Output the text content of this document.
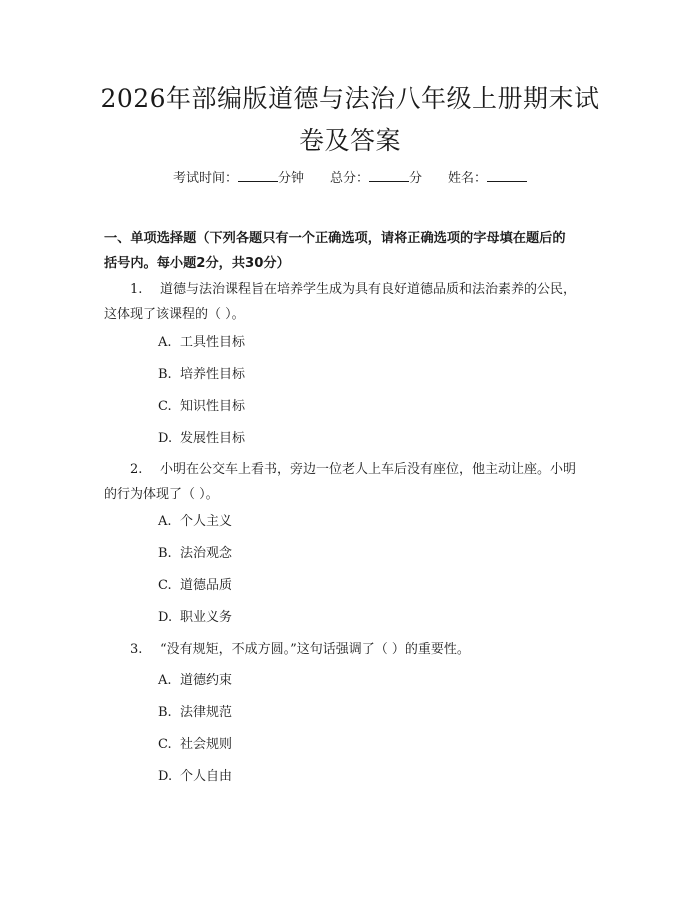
2026年部编版道德与法治八年级上册期末试
卷及答案
考试时间：	分钟 总分：	分 姓名：
一、单项选择题（下列各题只有一个正确选项，请将正确选项的字母填在题后的
括号内。每小题2分，共30分）
1. 道德与法治课程旨在培养学生成为具有良好道德品质和法治素养的公民，
这体现了该课程的（ ）。
A. 工具性目标
B. 培养性目标
C. 知识性目标
D. 发展性目标
2. 小明在公交车上看书，旁边一位老人上车后没有座位，他主动让座。小明
的行为体现了（ ）。
A. 个人主义
B. 法治观念
C. 道德品质
D. 职业义务
3. “没有规矩，不成方圆。”这句话强调了（ ）的重要性。
A. 道德约束
B. 法律规范
C. 社会规则
D. 个人自由
